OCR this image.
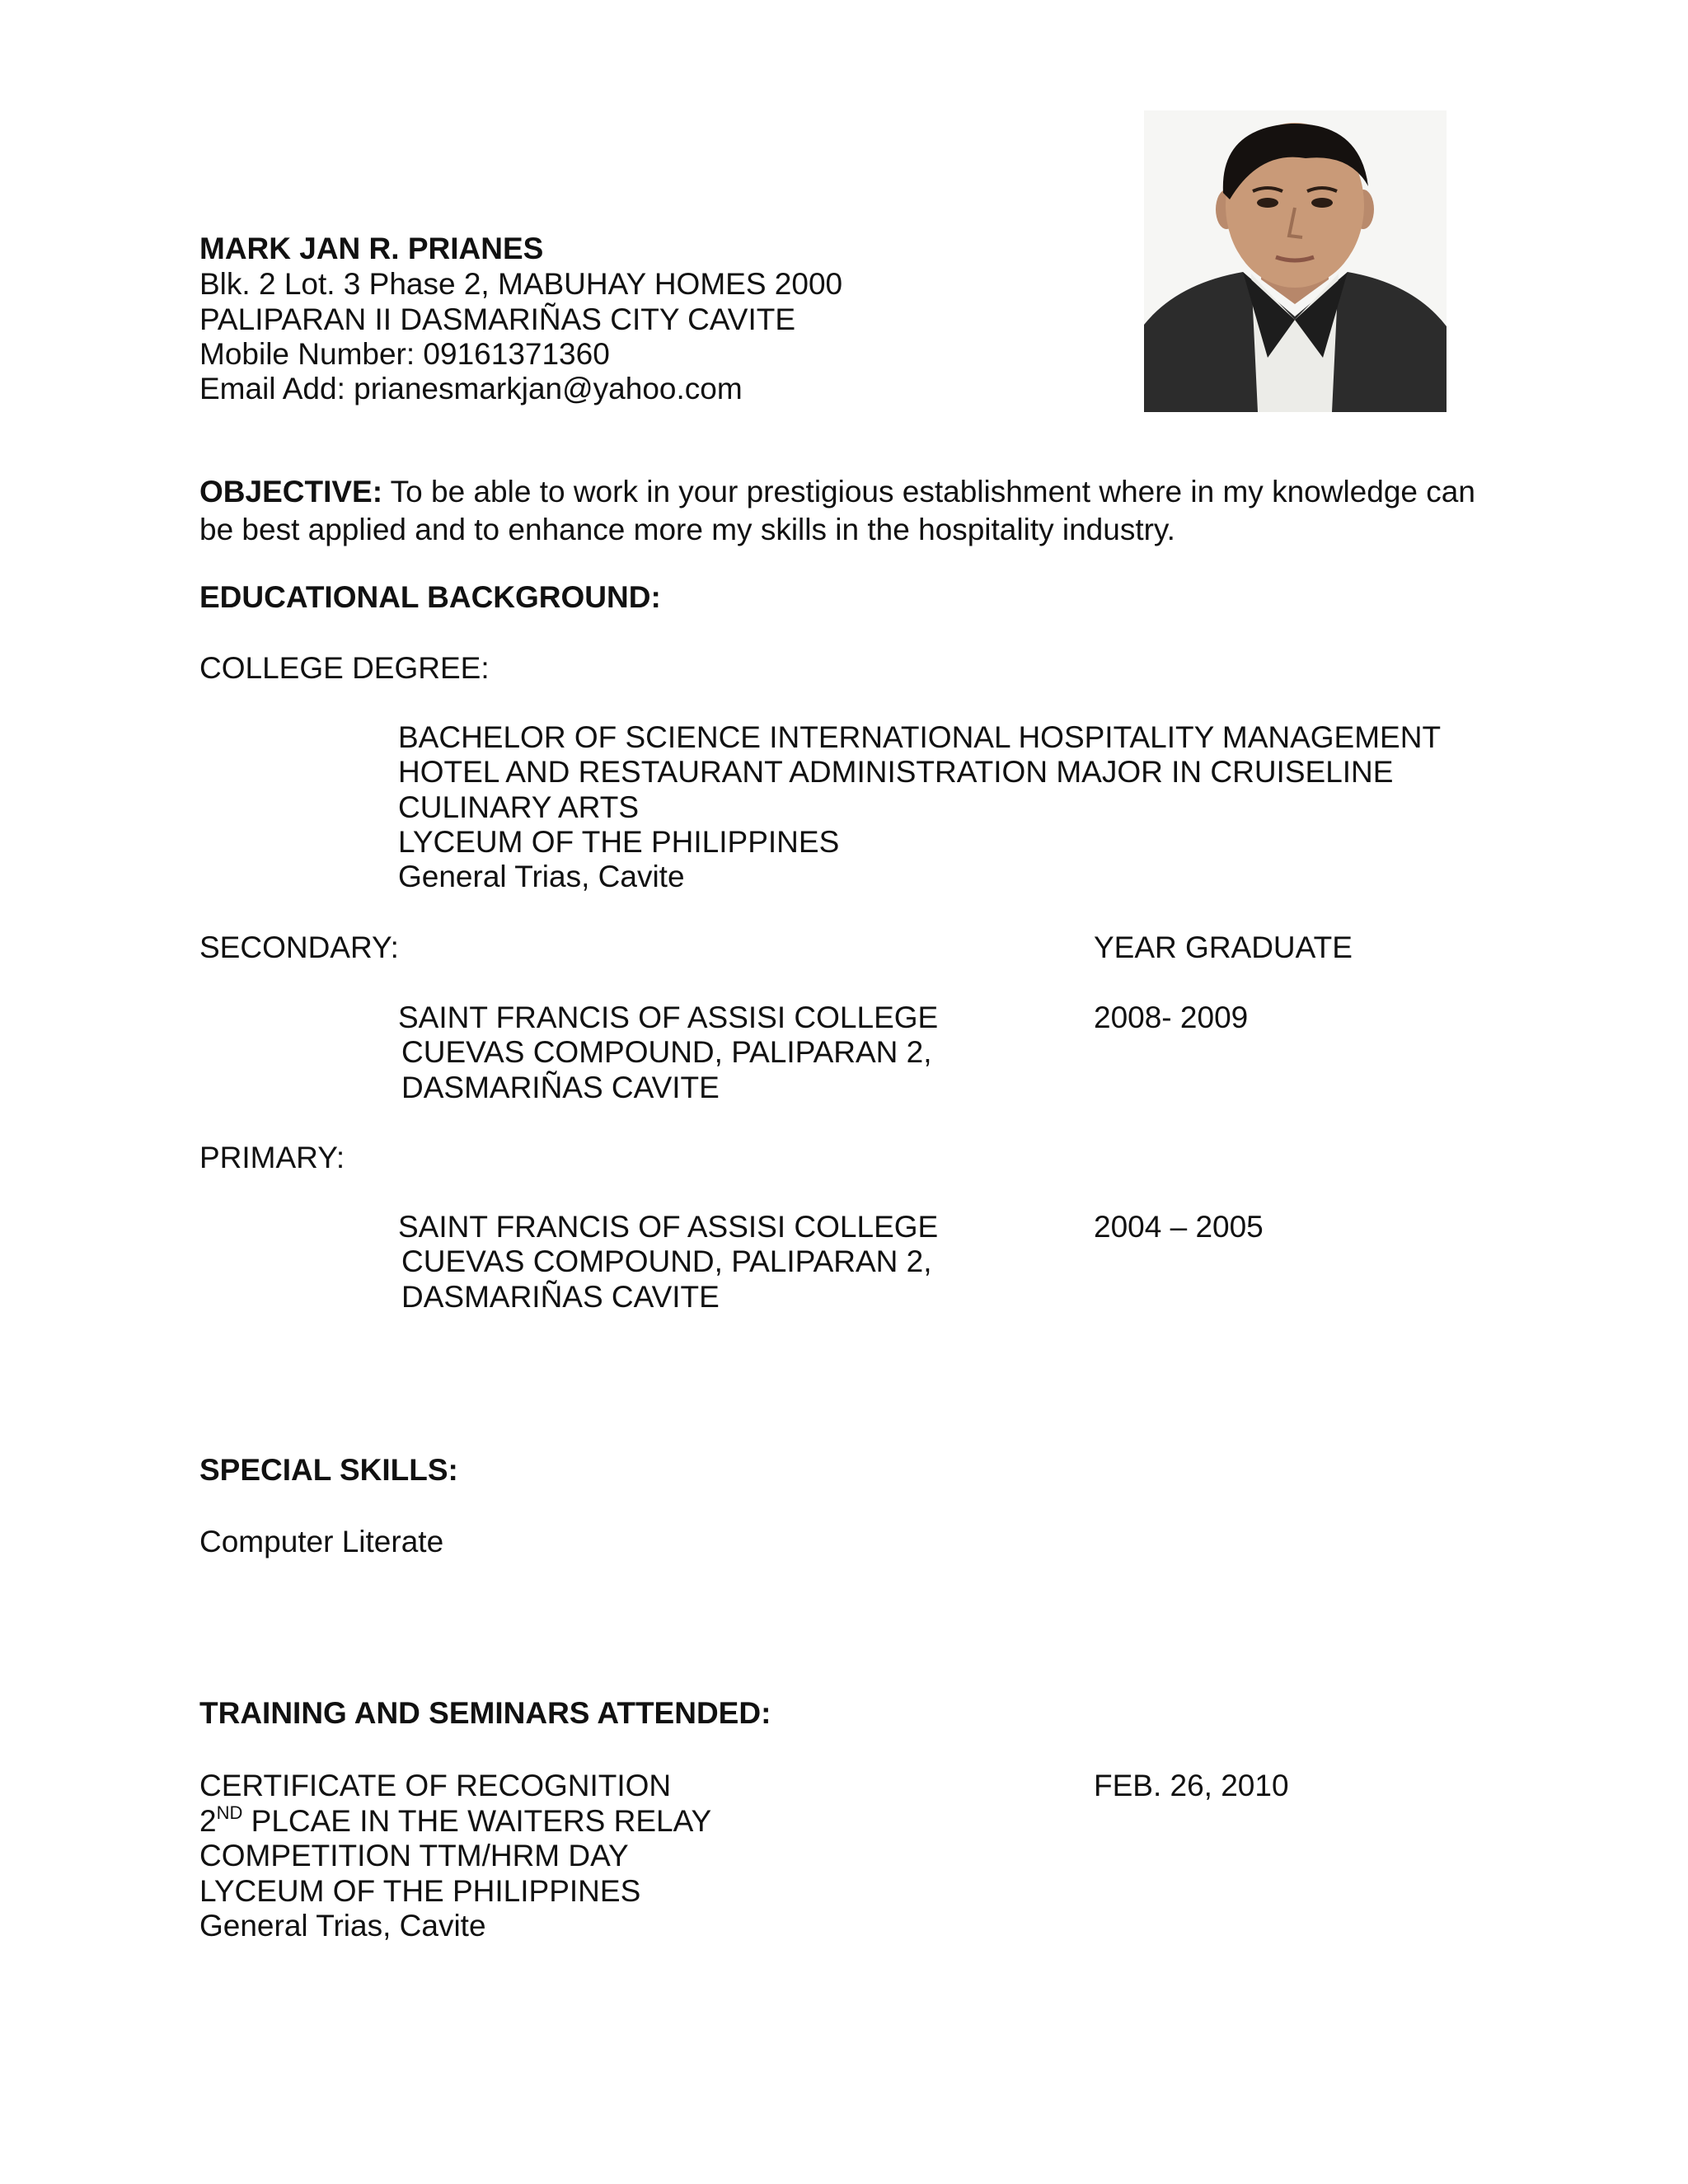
MARK JAN R. PRIANES
Blk. 2 Lot. 3 Phase 2, MABUHAY HOMES 2000
PALIPARAN II DASMARIÑAS CITY CAVITE
Mobile Number: 09161371360
Email Add: prianesmarkjan@yahoo.com
OBJECTIVE: To be able to work in your prestigious establishment where in my knowledge can
be best applied and to enhance more my skills in the hospitality industry.
EDUCATIONAL BACKGROUND:
COLLEGE DEGREE:
BACHELOR OF SCIENCE INTERNATIONAL HOSPITALITY MANAGEMENT
HOTEL AND RESTAURANT ADMINISTRATION MAJOR IN CRUISELINE
CULINARY ARTS
LYCEUM OF THE PHILIPPINES
General Trias, Cavite
SECONDARY:	YEAR GRADUATE
SAINT FRANCIS OF ASSISI COLLEGE	2008- 2009
CUEVAS COMPOUND, PALIPARAN 2,
DASMARIÑAS CAVITE
PRIMARY:
SAINT FRANCIS OF ASSISI COLLEGE	2004 – 2005
CUEVAS COMPOUND, PALIPARAN 2,
DASMARIÑAS CAVITE
SPECIAL SKILLS:
Computer Literate
TRAINING AND SEMINARS ATTENDED:
CERTIFICATE OF RECOGNITION	FEB. 26, 2010
2ND PLCAE IN THE WAITERS RELAY
COMPETITION TTM/HRM DAY
LYCEUM OF THE PHILIPPINES
General Trias, Cavite
